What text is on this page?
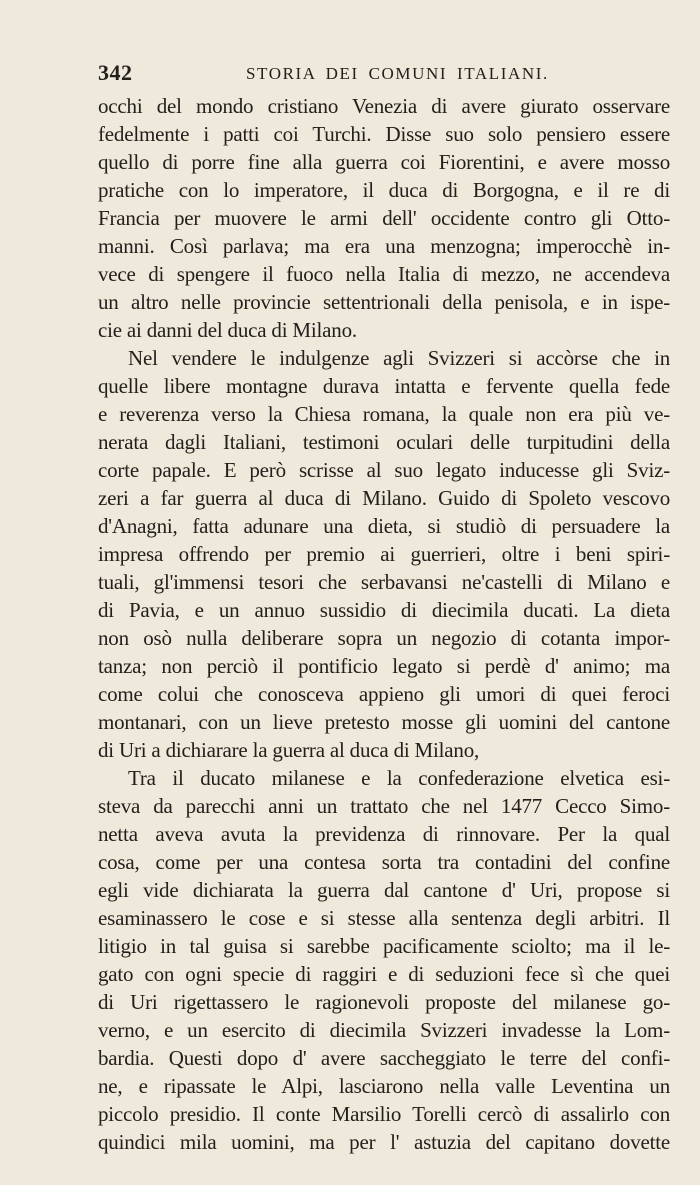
342	STORIA DEI COMUNI ITALIANI.
occhi del mondo cristiano Venezia di avere giurato osservare
fedelmente i patti coi Turchi. Disse suo solo pensiero essere
quello di porre fine alla guerra coi Fiorentini, e avere mosso
pratiche con lo imperatore, il duca di Borgogna, e il re di
Francia per muovere le armi dell' occidente contro gli Otto-
manni. Così parlava; ma era una menzogna; imperocchè in-
vece di spengere il fuoco nella Italia di mezzo, ne accendeva
un altro nelle provincie settentrionali della penisola, e in ispe-
cie ai danni del duca di Milano.
Nel vendere le indulgenze agli Svizzeri si accòrse che in
quelle libere montagne durava intatta e fervente quella fede
e reverenza verso la Chiesa romana, la quale non era più ve-
nerata dagli Italiani, testimoni oculari delle turpitudini della
corte papale. E però scrisse al suo legato inducesse gli Sviz-
zeri a far guerra al duca di Milano. Guido di Spoleto vescovo
d'Anagni, fatta adunare una dieta, si studiò di persuadere la
impresa offrendo per premio ai guerrieri, oltre i beni spiri-
tuali, gl'immensi tesori che serbavansi ne'castelli di Milano e
di Pavia, e un annuo sussidio di diecimila ducati. La dieta
non osò nulla deliberare sopra un negozio di cotanta impor-
tanza; non perciò il pontificio legato si perdè d' animo; ma
come colui che conosceva appieno gli umori di quei feroci
montanari, con un lieve pretesto mosse gli uomini del cantone
di Uri a dichiarare la guerra al duca di Milano,
Tra il ducato milanese e la confederazione elvetica esi-
steva da parecchi anni un trattato che nel 1477 Cecco Simo-
netta aveva avuta la previdenza di rinnovare. Per la qual
cosa, come per una contesa sorta tra contadini del confine
egli vide dichiarata la guerra dal cantone d' Uri, propose si
esaminassero le cose e si stesse alla sentenza degli arbitri. Il
litigio in tal guisa si sarebbe pacificamente sciolto; ma il le-
gato con ogni specie di raggiri e di seduzioni fece sì che quei
di Uri rigettassero le ragionevoli proposte del milanese go-
verno, e un esercito di diecimila Svizzeri invadesse la Lom-
bardia. Questi dopo d' avere saccheggiato le terre del confi-
ne, e ripassate le Alpi, lasciarono nella valle Leventina un
piccolo presidio. Il conte Marsilio Torelli cercò di assalirlo con
quindici mila uomini, ma per l' astuzia del capitano dovette
